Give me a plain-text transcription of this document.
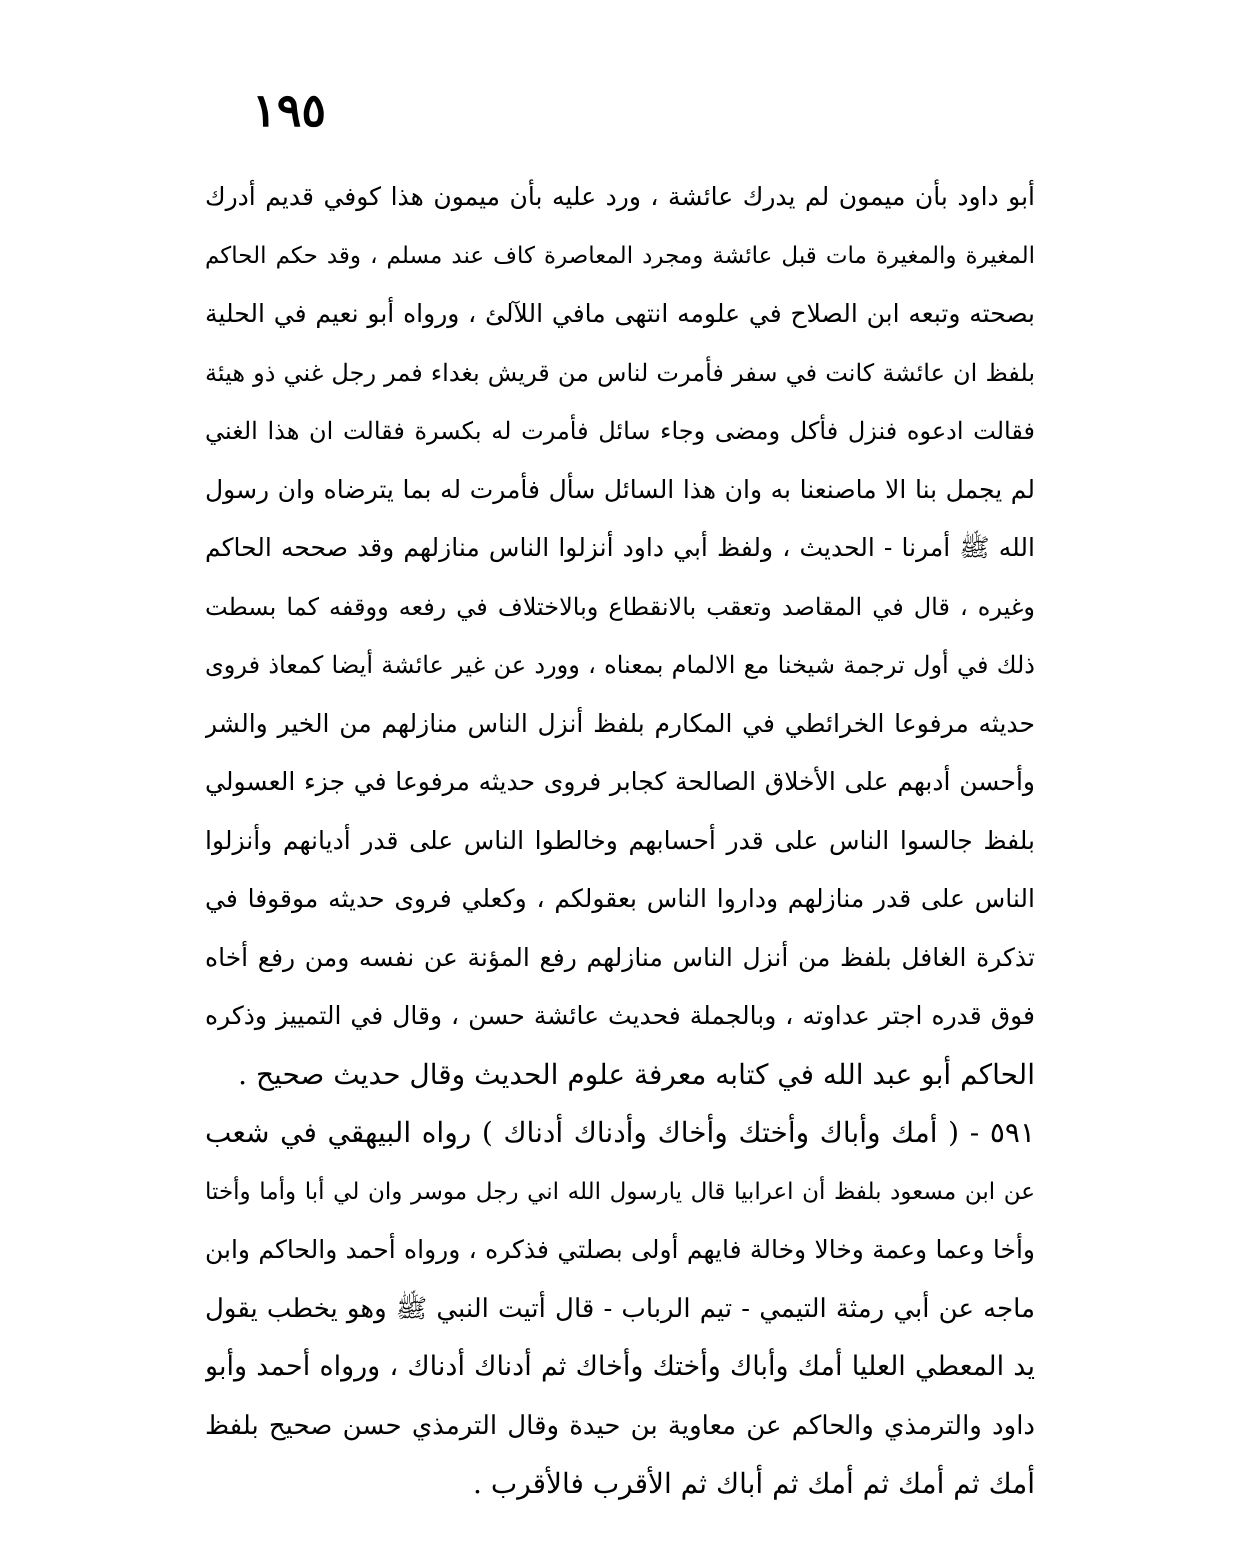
١٩٥
أبو داود بأن ميمون لم يدرك عائشة ، ورد عليه بأن ميمون هذا كوفي قديم أدرك
المغيرة والمغيرة مات قبل عائشة ومجرد المعاصرة كاف عند مسلم ، وقد حكم الحاكم
بصحته وتبعه ابن الصلاح في علومه انتهى مافي اللآلئ ، ورواه أبو نعيم في الحلية
بلفظ ان عائشة كانت في سفر فأمرت لناس من قريش بغداء فمر رجل غني ذو هيئة
فقالت ادعوه فنزل فأكل ومضى وجاء سائل فأمرت له بكسرة فقالت ان هذا الغني
لم يجمل بنا الا ماصنعنا به وان هذا السائل سأل فأمرت له بما يترضاه وان رسول
الله ﷺ أمرنا - الحديث ، ولفظ أبي داود أنزلوا الناس منازلهم وقد صححه الحاكم
وغيره ، قال في المقاصد وتعقب بالانقطاع وبالاختلاف في رفعه ووقفه كما بسطت
ذلك في أول ترجمة شيخنا مع الالمام بمعناه ، وورد عن غير عائشة أيضا كمعاذ فروى
حديثه مرفوعا الخرائطي في المكارم بلفظ أنزل الناس منازلهم من الخير والشر
وأحسن أدبهم على الأخلاق الصالحة كجابر فروى حديثه مرفوعا في جزء العسولي
بلفظ جالسوا الناس على قدر أحسابهم وخالطوا الناس على قدر أديانهم وأنزلوا
الناس على قدر منازلهم وداروا الناس بعقولكم ، وكعلي فروى حديثه موقوفا في
تذكرة الغافل بلفظ من أنزل الناس منازلهم رفع المؤنة عن نفسه ومن رفع أخاه
فوق قدره اجتر عداوته ، وبالجملة فحديث عائشة حسن ، وقال في التمييز وذكره
الحاكم أبو عبد الله في كتابه معرفة علوم الحديث وقال حديث صحيح .
٥٩١ - ( أمك وأباك وأختك وأخاك وأدناك أدناك ) رواه البيهقي في شعب
عن ابن مسعود بلفظ أن اعرابيا قال يارسول الله اني رجل موسر وان لي أبا وأما وأختا
وأخا وعما وعمة وخالا وخالة فايهم أولى بصلتي فذكره ، ورواه أحمد والحاكم وابن
ماجه عن أبي رمثة التيمي - تيم الرباب - قال أتيت النبي ﷺ وهو يخطب يقول
يد المعطي العليا أمك وأباك وأختك وأخاك ثم أدناك أدناك ، ورواه أحمد وأبو
داود والترمذي والحاكم عن معاوية بن حيدة وقال الترمذي حسن صحيح بلفظ
أمك ثم أمك ثم أمك ثم أباك ثم الأقرب فالأقرب .
